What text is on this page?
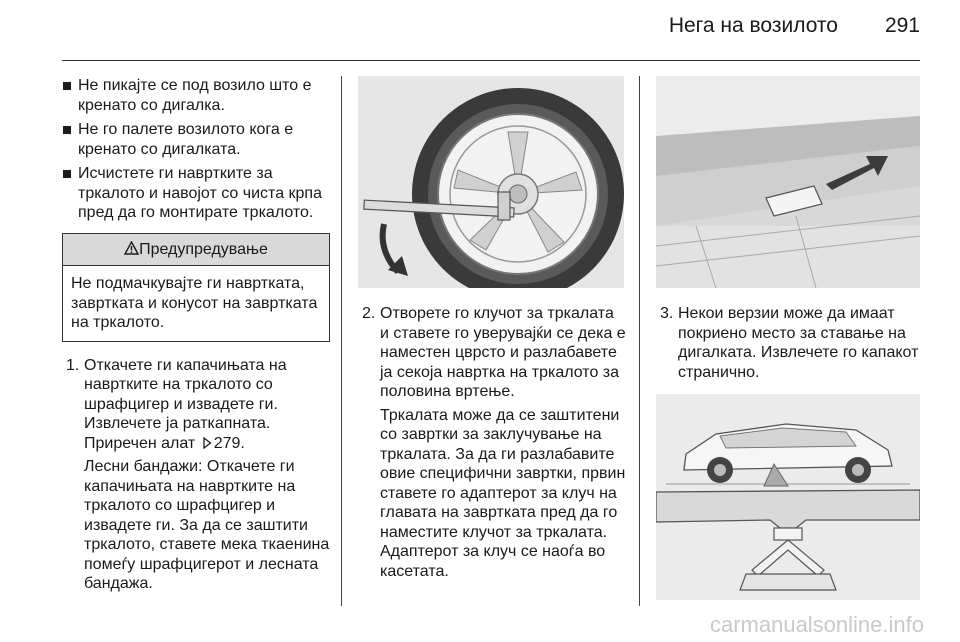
Нега на возилото 291
Не пикајте се под возило што е кренато со дигалка.
Не го палете возилото кога е кренато со дигалката.
Исчистете ги навртките за тркалото и навојот со чиста крпа пред да го монтирате тркалото.
Предупредување
Не подмачкувајте ги навртката, завртката и конусот на завртката на тркалото.
1. Откачете ги капачињата на навртките на тркалото со шрафцигер и извадете ги. Извлечете ја раткапната. Приречен алат 279.
Лесни бандажи: Откачете ги капачињата на навртките на тркалото со шрафцигер и извадете ги. За да се заштити тркалото, ставете мека ткаенина помеѓу шрафцигерот и лесната бандажа.
2. Отворете го клучот за тркалата и ставете го уверувајќи се дека е наместен цврсто и разлабавете ја секоја навртка на тркалото за половина вртење.
Тркалата може да се заштитени со завртки за заклучување на тркалата. За да ги разлабавите овие специфични завртки, првин ставете го адаптерот за клуч на главата на завртката пред да го наместите клучот за тркалата. Адаптерот за клуч се наоѓа во касетата.
3. Некои верзии може да имаат покриено место за ставање на дигалката. Извлечете го капакот странично.
carmanualsonline.info
